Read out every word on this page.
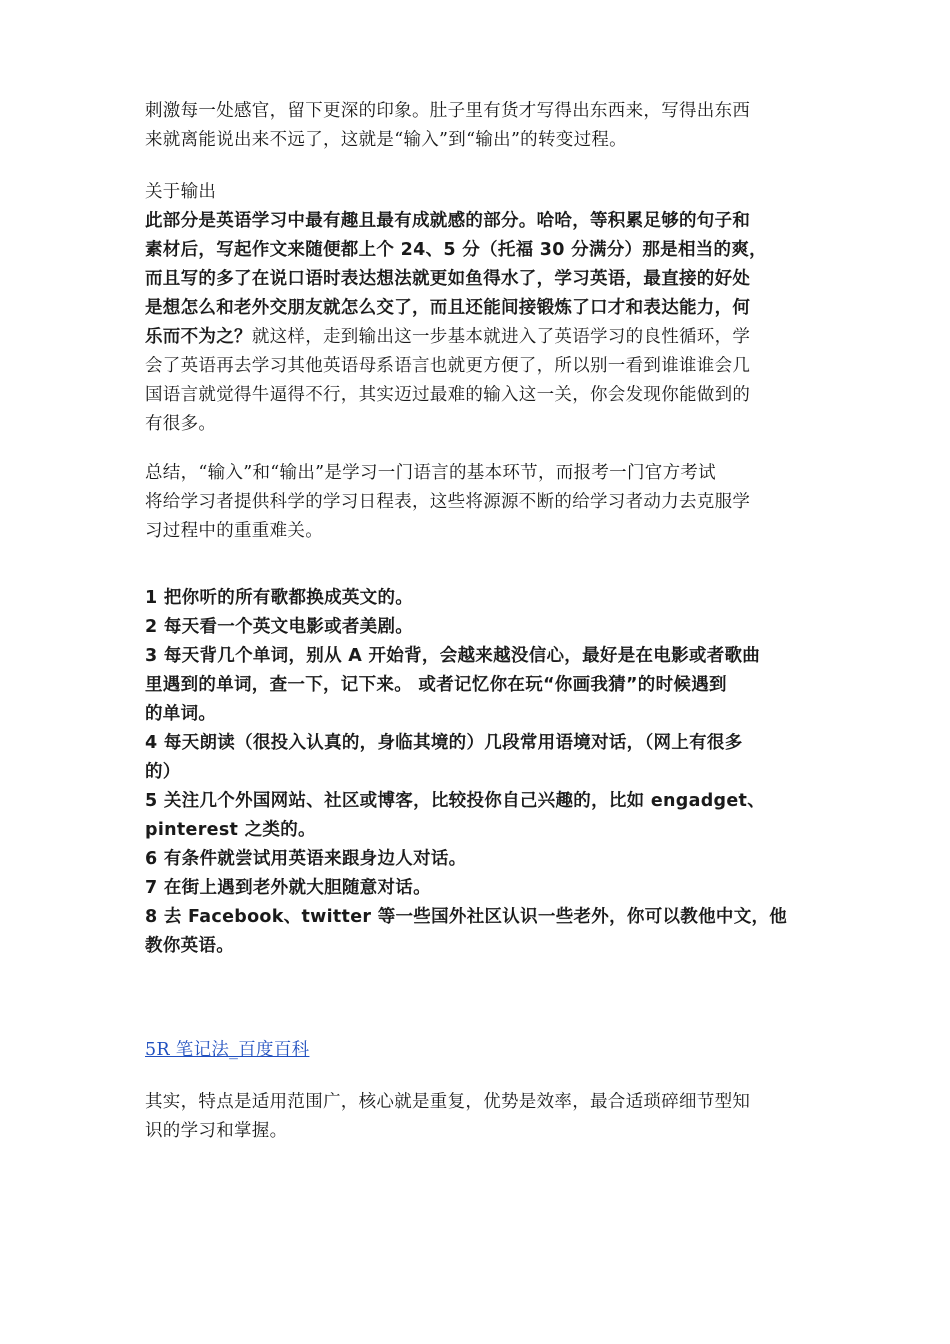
刺激每一处感官，留下更深的印象。肚子里有货才写得出东西来，写得出东西
来就离能说出来不远了，这就是“输入”到“输出”的转变过程。
关于输出
此部分是英语学习中最有趣且最有成就感的部分。哈哈，等积累足够的句子和
素材后，写起作文来随便都上个 24、5 分（托福 30 分满分）那是相当的爽，
而且写的多了在说口语时表达想法就更如鱼得水了，学习英语，最直接的好处
是想怎么和老外交朋友就怎么交了，而且还能间接锻炼了口才和表达能力，何
乐而不为之？就这样，走到输出这一步基本就进入了英语学习的良性循环，学
会了英语再去学习其他英语母系语言也就更方便了，所以别一看到谁谁谁会几
国语言就觉得牛逼得不行，其实迈过最难的输入这一关，你会发现你能做到的
有很多。
总结，“输入”和“输出”是学习一门语言的基本环节，而报考一门官方考试
将给学习者提供科学的学习日程表，这些将源源不断的给学习者动力去克服学
习过程中的重重难关。
1 把你听的所有歌都换成英文的。
2 每天看一个英文电影或者美剧。
3 每天背几个单词，别从 A 开始背，会越来越没信心，最好是在电影或者歌曲
里遇到的单词，查一下，记下来。 或者记忆你在玩“你画我猜”的时候遇到
的单词。
4 每天朗读（很投入认真的，身临其境的）几段常用语境对话，（网上有很多
的）
5 关注几个外国网站、社区或博客，比较投你自己兴趣的，比如 engadget、
pinterest 之类的。
6 有条件就尝试用英语来跟身边人对话。
7 在街上遇到老外就大胆随意对话。
8 去 Facebook、twitter 等一些国外社区认识一些老外，你可以教他中文，他
教你英语。
5R 笔记法_百度百科
其实，特点是适用范围广，核心就是重复，优势是效率，最合适琐碎细节型知
识的学习和掌握。
